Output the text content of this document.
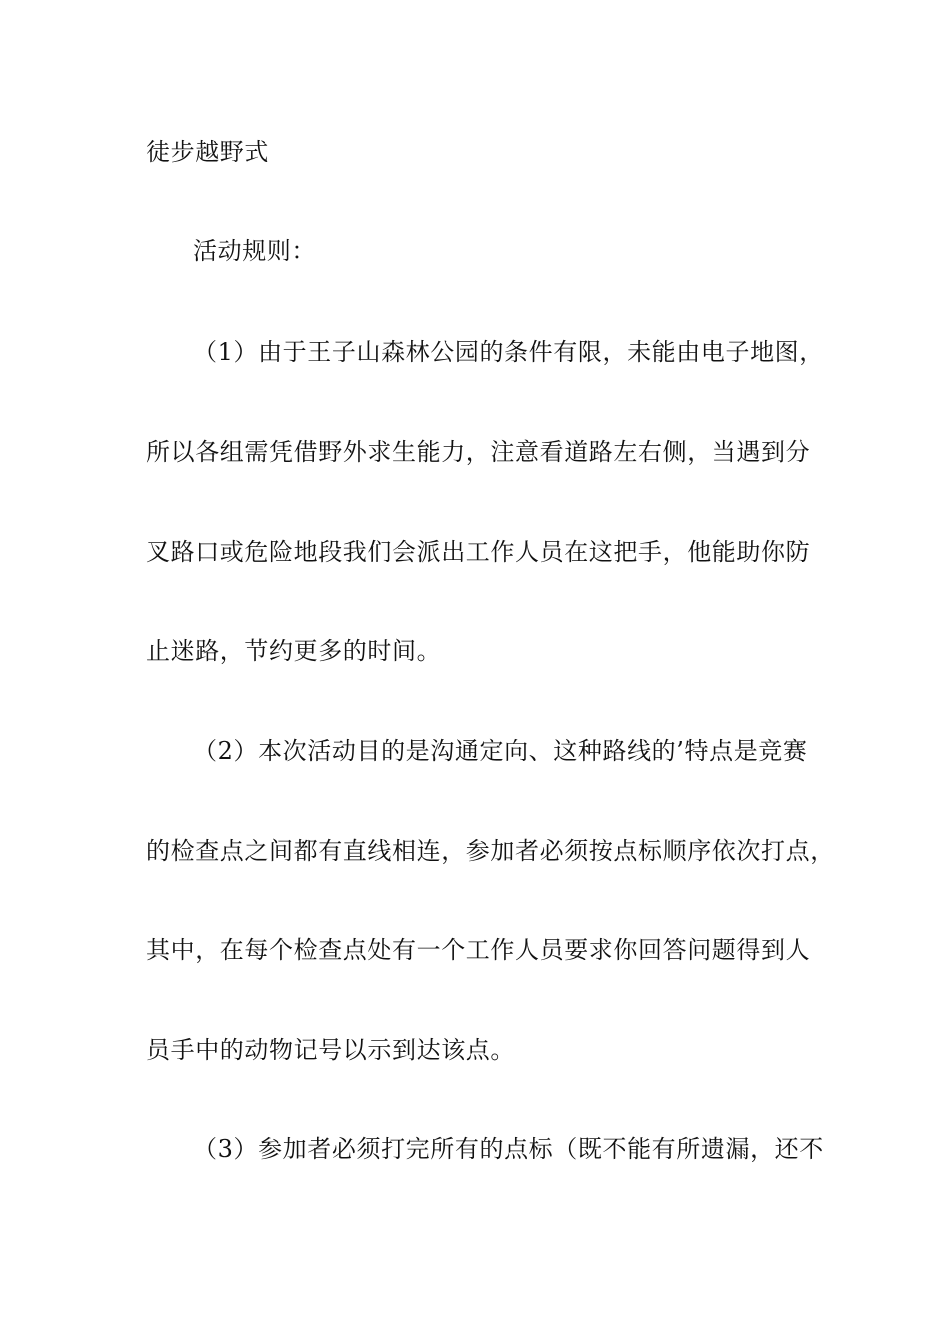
徒步越野式
活动规则：
（1）由于王子山森林公园的条件有限，未能由电子地图，
所以各组需凭借野外求生能力，注意看道路左右侧，当遇到分
叉路口或危险地段我们会派出工作人员在这把手，他能助你防
止迷路，节约更多的时间。
（2）本次活动目的是沟通定向、这种路线的’特点是竞赛
的检查点之间都有直线相连，参加者必须按点标顺序依次打点，
其中，在每个检查点处有一个工作人员要求你回答问题得到人
员手中的动物记号以示到达该点。
（3）参加者必须打完所有的点标（既不能有所遗漏，还不
